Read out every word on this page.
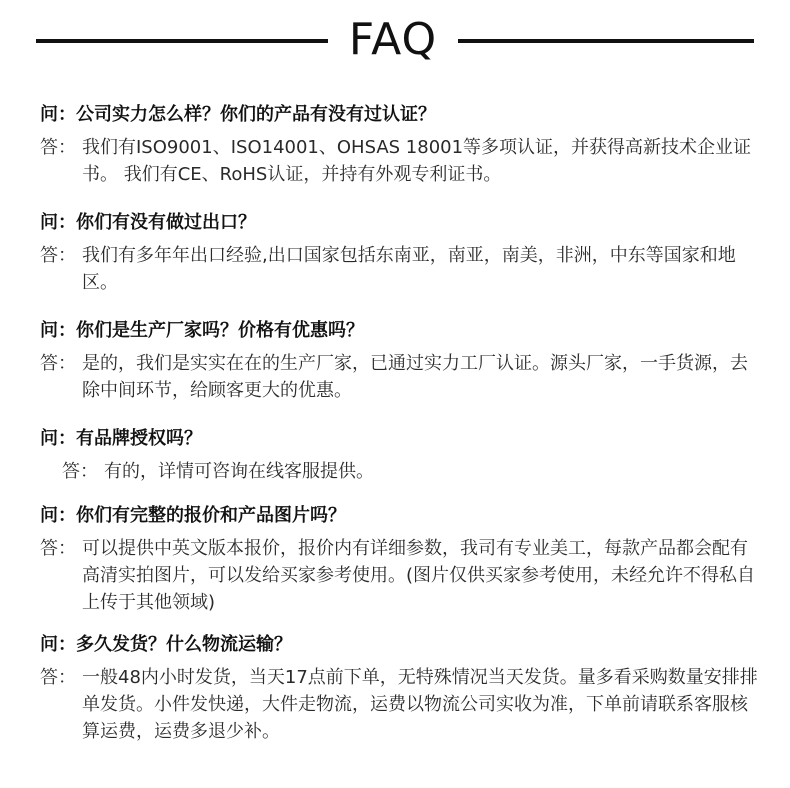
FAQ
问：公司实力怎么样？你们的产品有没有过认证？
答： 我们有ISO9001、ISO14001、OHSAS 18001等多项认证，并获得高新技术企业证书。 我们有CE、RoHS认证，并持有外观专利证书。
问：你们有没有做过出口？
答： 我们有多年年出口经验,出口国家包括东南亚，南亚，南美，非洲，中东等国家和地区。
问：你们是生产厂家吗？价格有优惠吗？
答： 是的，我们是实实在在的生产厂家，已通过实力工厂认证。源头厂家，一手货源，去除中间环节，给顾客更大的优惠。
问：有品牌授权吗？
答： 有的，详情可咨询在线客服提供。
问：你们有完整的报价和产品图片吗？
答： 可以提供中英文版本报价，报价内有详细参数，我司有专业美工，每款产品都会配有高清实拍图片，可以发给买家参考使用。(图片仅供买家参考使用，未经允许不得私自上传于其他领域)
问：多久发货？什么物流运输？
答： 一般48内小时发货，当天17点前下单，无特殊情况当天发货。量多看采购数量安排排单发货。小件发快递，大件走物流，运费以物流公司实收为准，下单前请联系客服核算运费，运费多退少补。
